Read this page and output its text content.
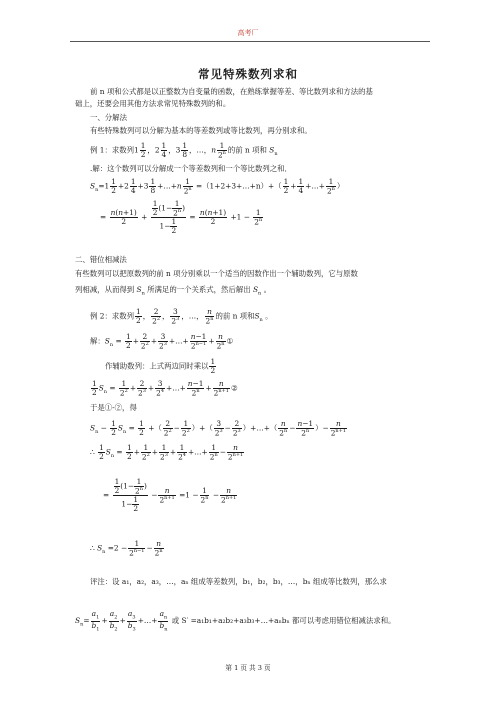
高考厂
常见特殊数列求和
前 n 项和公式都是以正整数为自变量的函数，在熟练掌握等差、等比数列求和方法的基
础上，还要会用其他方法求常见特殊数列的和。
一、分解法
有些特殊数列可以分解为基本的等差数列或等比数列，再分别求和。
例 1：求数列$1 \frac{1}{2}$ ，$2 \frac{1}{4}$ ，$3 \frac{1}{8}$ ，…，n $\frac{1}{2^n}$ 的前 n 项和 $S_n$
.解：这个数列可以分解成一个等差数列和一个等比数列之和．
$S_n=1 \frac{1}{2} +2 \frac{1}{4} +3 \frac{1}{8}$ +…+n $\frac{1}{2^n}$ =（1+2+3+…+n）+（ $\frac{1}{2} + \frac{1}{4}$ +…+ $\frac{1}{2^n}$ ）
= $\frac{n(n+1)}{2} + \frac{\frac{1}{2} (1- \frac{1}{2^n} )}{1- \frac{1}{2}} = \frac{n(n+1)}{2} +1 - \frac{1}{2^n}$
二、错位相减法
有些数列可以把原数列的前 n 项分别乘以一个适当的因数作出一个辅助数列，它与原数
列相减，从而得到 $S_n$ 所满足的一个关系式，然后解出 $S_n$ 。
例 2：求数列 $\frac{1}{2}$ ， $\frac{2}{2^2}$ ， $\frac{3}{2^3}$ ，…， $\frac{n}{2^n}$ 的前 n 项和$S_n$ 。
解：$S_n = \frac{1}{2} + \frac{2}{2^2} + \frac{3}{2^3}$ +…+ $\frac{n-1}{2^{n-1}} + \frac{n}{2^n}$ ①
作辅助数列：上式两边同时乘以 $\frac{1}{2}$
$\frac{1}{2} S_n = \frac{1}{2^2} + \frac{2}{2^3} + \frac{3}{2^4}$ +…+ $\frac{n-1}{2^n} + \frac{n}{2^{n+1}}$ ②
于是①-②，得
$S_n - \frac{1}{2} S_n = \frac{1}{2}$ +（ $\frac{2}{2^2} - \frac{1}{2^2}$ ）+（ $\frac{3}{2^3} - \frac{2}{2^3}$ ）+…+（ $\frac{n}{2^n} - \frac{n-1}{2^n}$ ）− $\frac{n}{2^{n+1}}$
∴ $\frac{1}{2} S_n = \frac{1}{2} + \frac{1}{2^2} + \frac{1}{2^3} + \frac{1}{2^4}$ +…+ $\frac{1}{2^n} - \frac{n}{2^{n+1}}$
= $\frac{\frac{1}{2} (1- \frac{1}{2^n} )}{1- \frac{1}{2}} - \frac{n}{2^{n+1}} =1 - \frac{1}{2^n} - \frac{n}{2^{n+1}}$
∴ $S_n =2 - \frac{1}{2^{n-1}} - \frac{n}{2^n}$
评注：设 a₁，a₂，a₃，…，aₙ 组成等差数列，b₁，b₂，b₃，…，bₙ 组成等比数列，那么求
$S_n= \frac{a_1}{b_1} + \frac{a_2}{b_2} + \frac{a_3}{b_3}$ +…+ $\frac{a_n}{b_n}$ 或 S′ =a₁b₁+a₂b₂+a₃b₃+…+aₙbₙ 都可以考虑用错位相减法求和。
第 1 页 共 3 页
